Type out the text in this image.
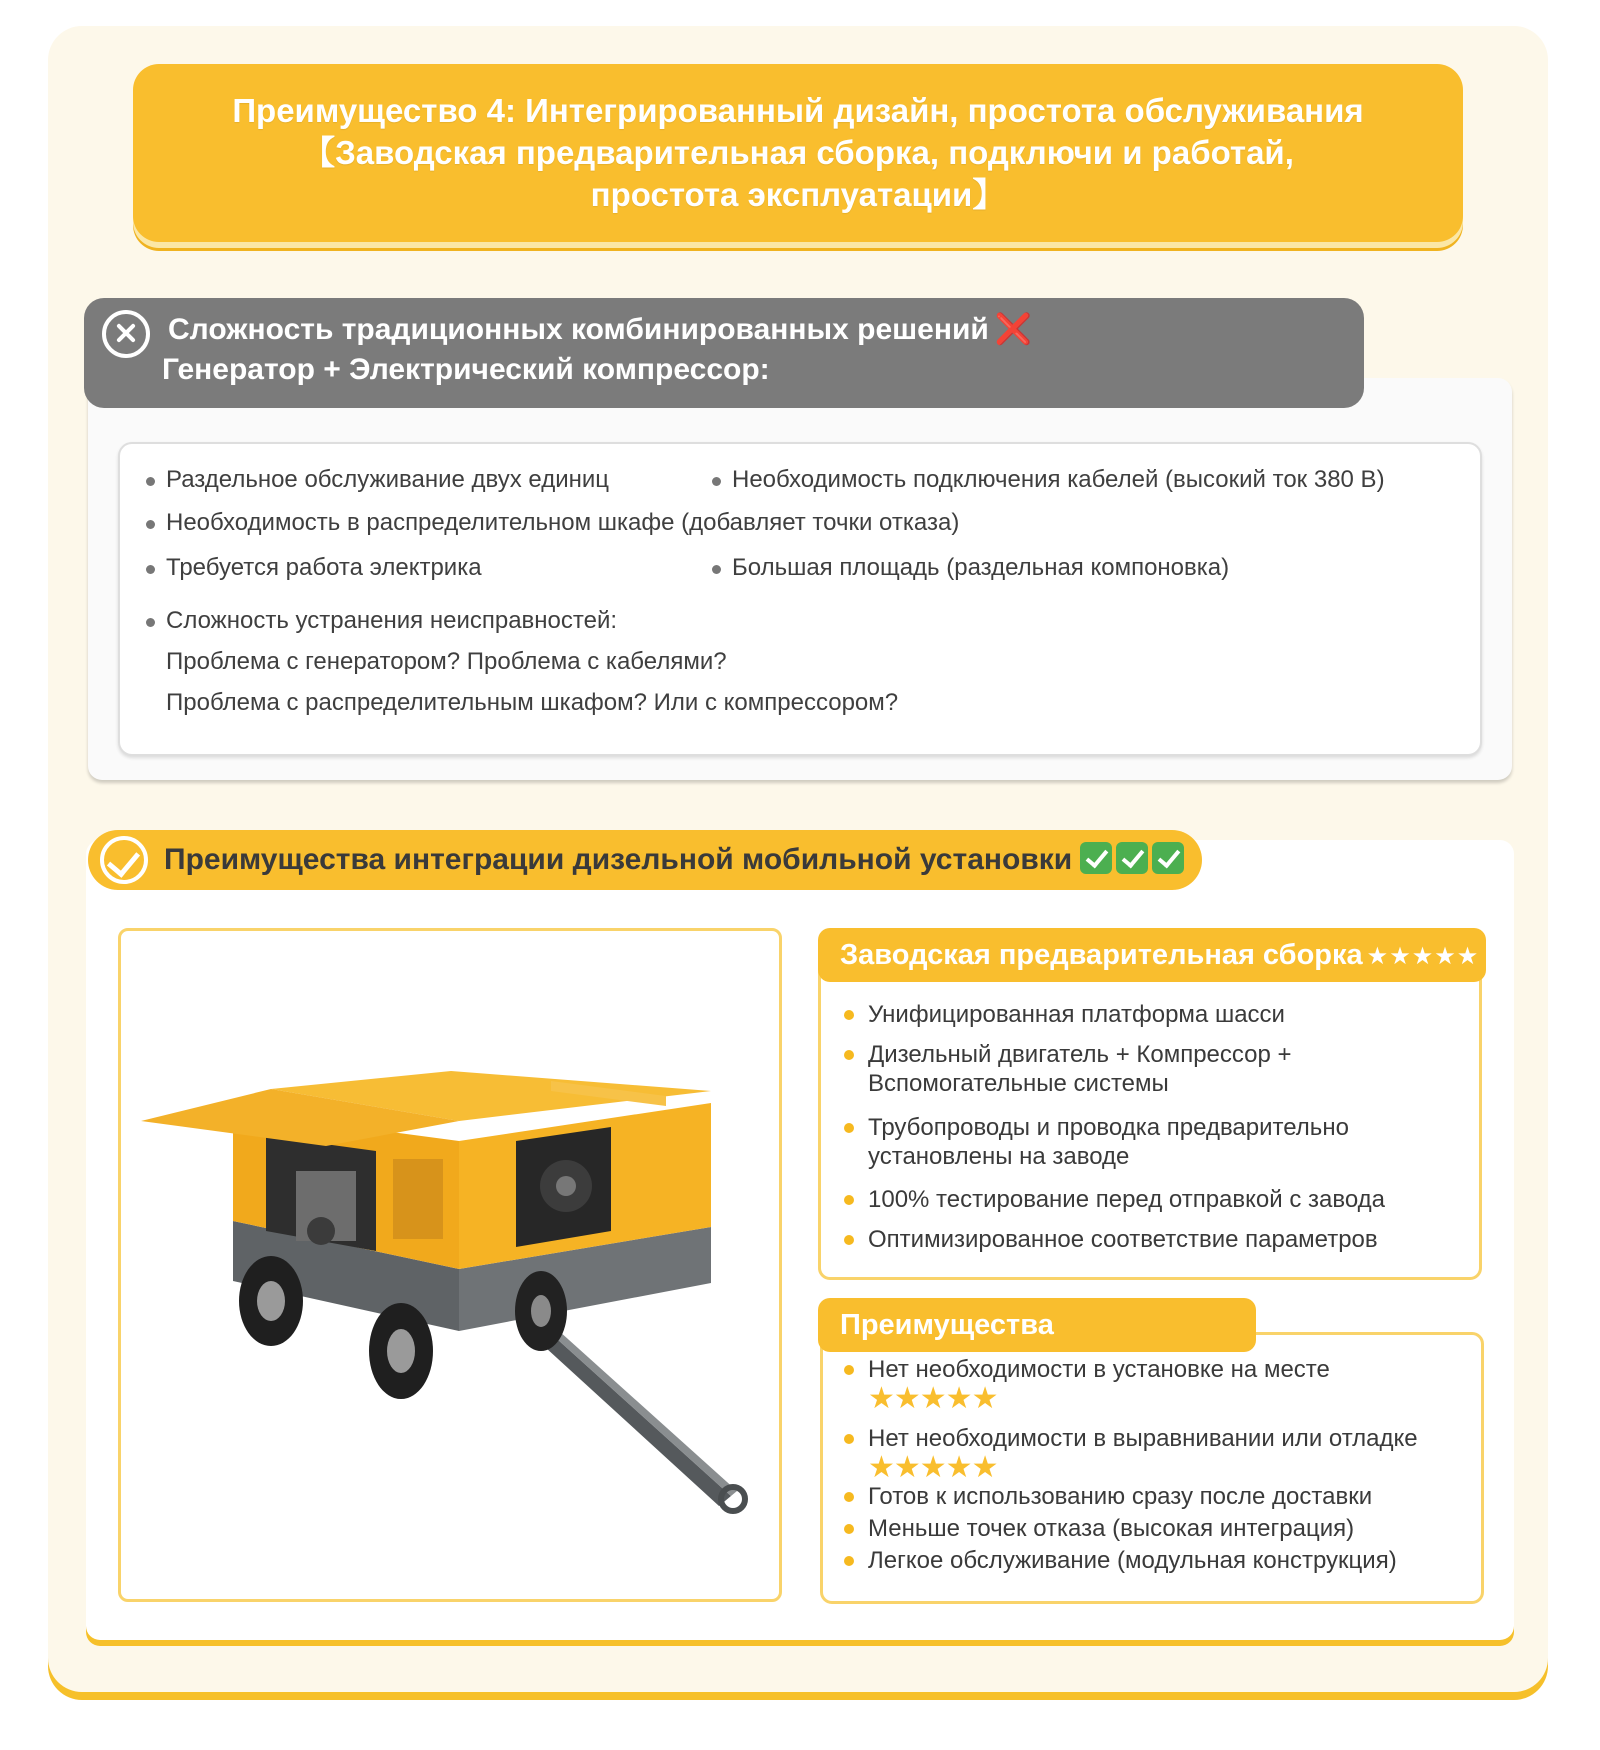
Преимущество 4: Интегрированный дизайн, простота обслуживания
【Заводская предварительная сборка, подключи и работай,
простота эксплуатации】
Сложность традиционных комбинированных решений ❌
Генератор + Электрический компрессор:
Раздельное обслуживание двух единиц	Необходимость подключения кабелей (высокий ток 380 В)
Необходимость в распределительном шкафе (добавляет точки отказа)
Требуется работа электрика	Большая площадь (раздельная компоновка)
Сложность устранения неисправностей:
Проблема с генератором? Проблема с кабелями?
Проблема с распределительным шкафом? Или с компрессором?
Преимущества интеграции дизельной мобильной установки
Заводская предварительная сборка ★★★★★
Унифицированная платформа шасси
Дизельный двигатель + Компрессор + Вспомогательные системы
Трубопроводы и проводка предварительно установлены на заводе
100% тестирование перед отправкой с завода
Оптимизированное соответствие параметров
Преимущества
Нет необходимости в установке на месте
★★★★★
Нет необходимости в выравнивании или отладке
★★★★★
Готов к использованию сразу после доставки
Меньше точек отказа (высокая интеграция)
Легкое обслуживание (модульная конструкция)
